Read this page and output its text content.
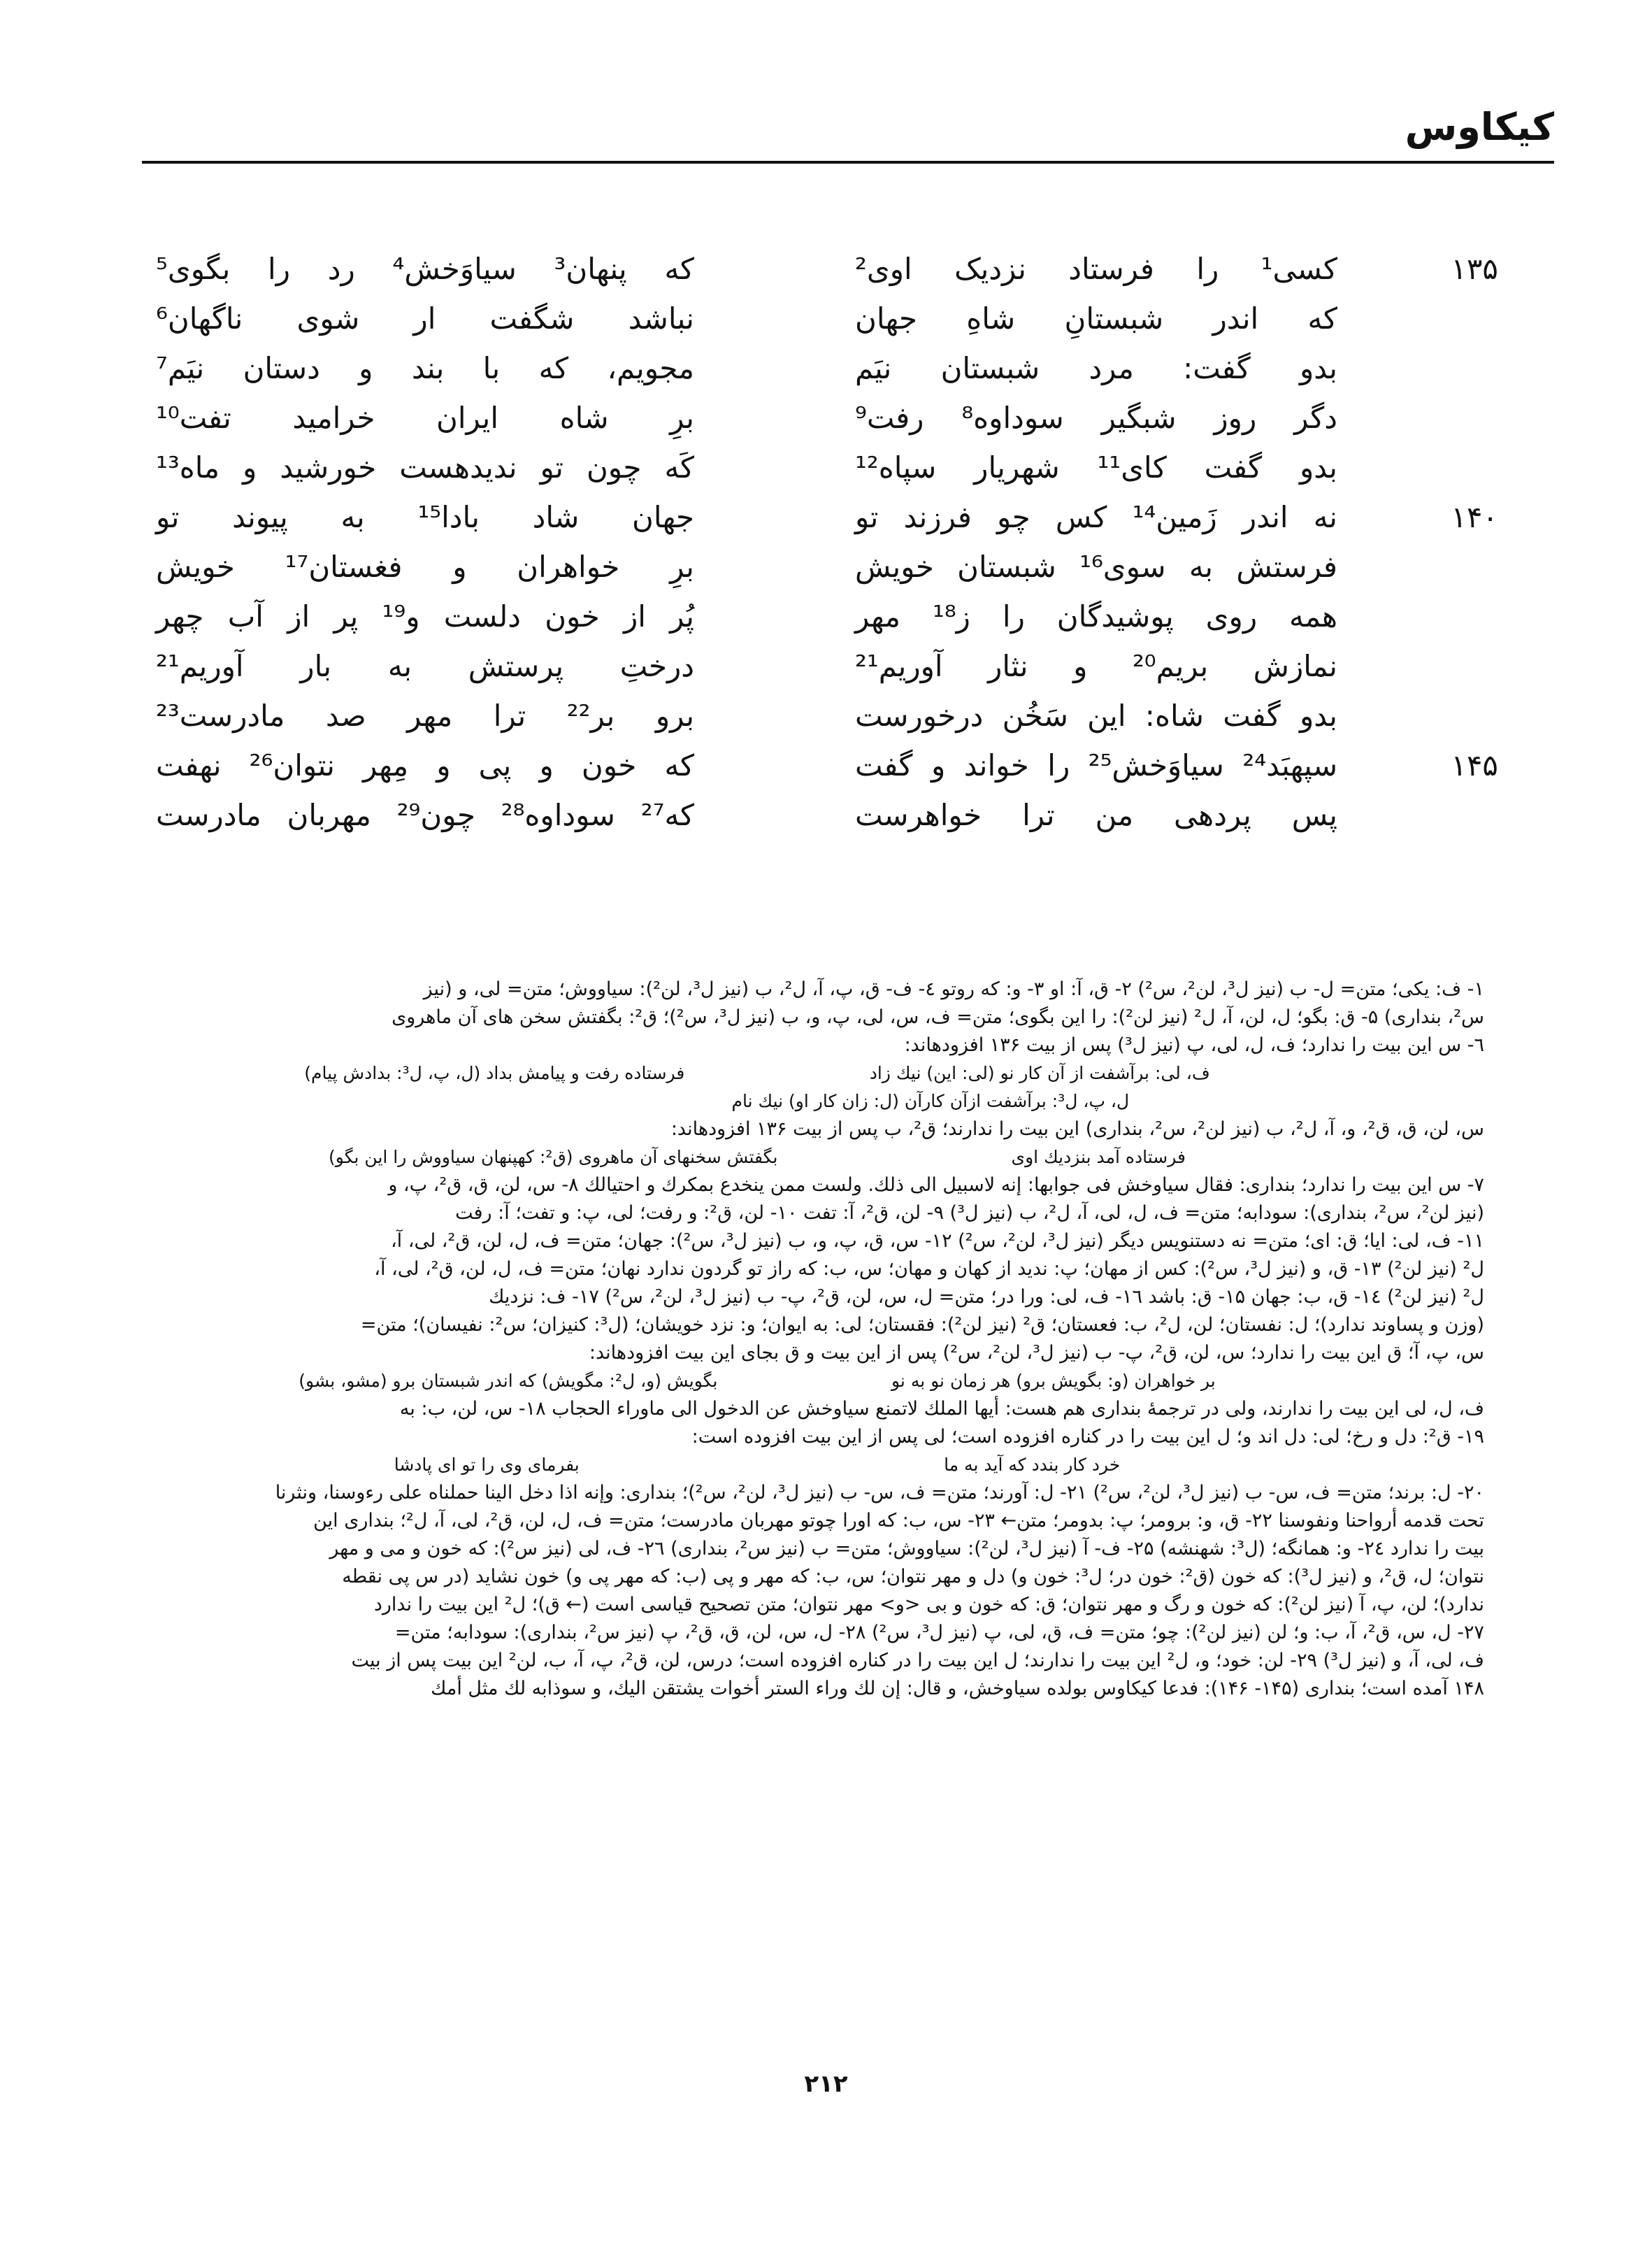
کیکاوس
۱۳۵
کسی¹ را فرستاد نزدیک اوی²
که پنهان³ سیاوَخش⁴ رد را بگوی⁵
که اندر شبستانِ شاهِ جهان
نباشد شگفت ار شوی ناگهان⁶
بدو گفت: مرد شبستان نیَم
مجویم، که با بند و دستان نیَم⁷
دگر روز شبگیر سوداوه⁸ رفت⁹
برِ شاه ایران خرامید تفت¹⁰
بدو گفت کای¹¹ شهریار سپاه¹²
کَه چون تو ندیدهست خورشید و ماه¹³
۱۴۰
نه اندر زَمین¹⁴ کس چو فرزند تو
جهان شاد بادا¹⁵ به پیوند تو
فرستش به سوی¹⁶ شبستان خویش
برِ خواهران و فغستان¹⁷ خویش
همه روی پوشیدگان را ز¹⁸ مهر
پُر از خون دلست و¹⁹ پر از آب چهر
نمازش بریم²⁰ و نثار آوریم²¹
درختِ پرستش به بار آوریم²¹
بدو گفت شاه: این سَخُن درخورست
برو بر²² ترا مهر صد مادرست²³
۱۴۵
سپهبَد²⁴ سیاوَخش²⁵ را خواند و گفت
که خون و پی و مِهر نتوان²⁶ نهفت
پس پردهی من ترا خواهرست
که²⁷ سوداوه²⁸ چون²⁹ مهربان مادرست
۱- ف: یکی؛ متن= ل- ب (نیز ل³، لن²، س²) ۲- ق، آ: او ۳- و: که روتو ٤- ف- ق، پ، آ، ل²، ب (نیز ل³، لن²): سیاووش؛ متن= لی، و (نیز
س²، بنداری) ۵- ق: بگو؛ ل، لن، آ، ل² (نیز لن²): را این بگوی؛ متن= ف، س، لی، پ، و، ب (نیز ل³، س²)؛ ق²: بگفتش سخن های آن ماهروی
٦- س این بیت را ندارد؛ ف، ل، لی، پ (نیز ل³) پس از بیت ۱۳۶ افزودهاند:
ف، لی: برآشفت از آن کار نو (لی: این) نیك زاد
فرستاده رفت و پیامش بداد (ل، پ، ل³: بدادش پیام)
ل، پ، ل³: برآشفت ازآن کارآن (ل: زان کار او) نیك نام
س، لن، ق، ق²، و، آ، ل²، ب (نیز لن²، س²، بنداری) این بیت را ندارند؛ ق²، ب پس از بیت ۱۳۶ افزودهاند:
فرستاده آمد بنزدیك اوی
بگفتش سخنهای آن ماهروی (ق²: کهپنهان سیاووش را این بگو)
۷- س این بیت را ندارد؛ بنداری: فقال سیاوخش فی جوابها: إنه لاسبیل الی ذلك. ولست ممن ینخدع بمکرك و احتیالك ۸- س، لن، ق، ق²، پ، و
(نیز لن²، س²، بنداری): سودابه؛ متن= ف، ل، لی، آ، ل²، ب (نیز ل³) ۹- لن، ق²، آ: تفت ۱۰- لن، ق²: و رفت؛ لی، پ: و تفت؛ آ: رفت
۱۱- ف، لی: ایا؛ ق: ای؛ متن= نه دستنویس دیگر (نیز ل³، لن²، س²) ۱۲- س، ق، پ، و، ب (نیز ل³، س²): جهان؛ متن= ف، ل، لن، ق²، لی، آ،
ل² (نیز لن²) ۱۳- ق، و (نیز ل³، س²): کس از مهان؛ پ: ندید از کهان و مهان؛ س، ب: که راز تو گردون ندارد نهان؛ متن= ف، ل، لن، ق²، لی، آ،
ل² (نیز لن²) ١٤- ق، ب: جهان ١۵- ق: باشد ١٦- ف، لی: ورا در؛ متن= ل، س، لن، ق²، پ- ب (نیز ل³، لن²، س²) ۱۷- ف: نزدیك
(وزن و پساوند ندارد)؛ ل: نفستان؛ لن، ل²، ب: فعستان؛ ق² (نیز لن²): فقستان؛ لی: به ایوان؛ و: نزد خویشان؛ (ل³: کنیزان؛ س²: نفیسان)؛ متن=
س، پ، آ؛ ق این بیت را ندارد؛ س، لن، ق²، پ- ب (نیز ل³، لن²، س²) پس از این بیت و ق بجای این بیت افزودهاند:
بر خواهران (و: بگویش برو) هر زمان نو به نو
بگویش (و، ل²: مگویش) که اندر شبستان برو (مشو، بشو)
ف، ل، لی این بیت را ندارند، ولی در ترجمهٔ بنداری هم هست: أیها الملك لاتمنع سیاوخش عن الدخول الی ماوراء الحجاب ۱۸- س، لن، ب: به
۱۹- ق²: دل و رخ؛ لی: دل اند و؛ ل این بیت را در کناره افزوده است؛ لی پس از این بیت افزوده است:
خرد کار بندد که آید به ما
بفرمای وی را تو ای پادشا
۲۰- ل: برند؛ متن= ف، س- ب (نیز ل³، لن²، س²) ۲۱- ل: آورند؛ متن= ف، س- ب (نیز ل³، لن²، س²)؛ بنداری: وإنه اذا دخل الینا حملناه علی رءوسنا، ونثرنا
تحت قدمه أرواحنا ونفوسنا ۲۲- ق، و: برومر؛ پ: بدومر؛ متن← ۲۳- س، ب: که اورا چوتو مهربان مادرست؛ متن= ف، ل، لن، ق²، لی، آ، ل²؛ بنداری این
بیت را ندارد ۲٤- و: همانگه؛ (ل³: شهنشه) ۲۵- ف- آ (نیز ل³، لن²): سیاووش؛ متن= ب (نیز س²، بنداری) ۲٦- ف، لی (نیز س²): که خون و می و مهر
نتوان؛ ل، ق²، و (نیز ل³): که خون (ق²: خون در؛ ل³: خون و) دل و مهر نتوان؛ س، ب: که مهر و پی (ب: که مهر پی و) خون نشاید (در س پی نقطه
ندارد)؛ لن، پ، آ (نیز لن²): که خون و رگ و مهر نتوان؛ ق: که خون و بی <و> مهر نتوان؛ متن تصحیح قیاسی است (← ق)؛ ل² این بیت را ندارد
۲۷- ل، س، ق²، آ، ب: و؛ لن (نیز لن²): چو؛ متن= ف، ق، لی، پ (نیز ل³، س²) ۲۸- ل، س، لن، ق، ق²، پ (نیز س²، بنداری): سودابه؛ متن=
ف، لی، آ، و (نیز ل³) ۲۹- لن: خود؛ و، ل² این بیت را ندارند؛ ل این بیت را در کناره افزوده است؛ درس، لن، ق²، پ، آ، ب، لن² این بیت پس از بیت
۱۴۸ آمده است؛ بنداری (۱۴۵- ۱۴۶): فدعا کیکاوس بولده سیاوخش، و قال: إن لك وراء الستر أخوات یشتقن الیك، و سوذابه لك مثل أمك
۲۱۲
